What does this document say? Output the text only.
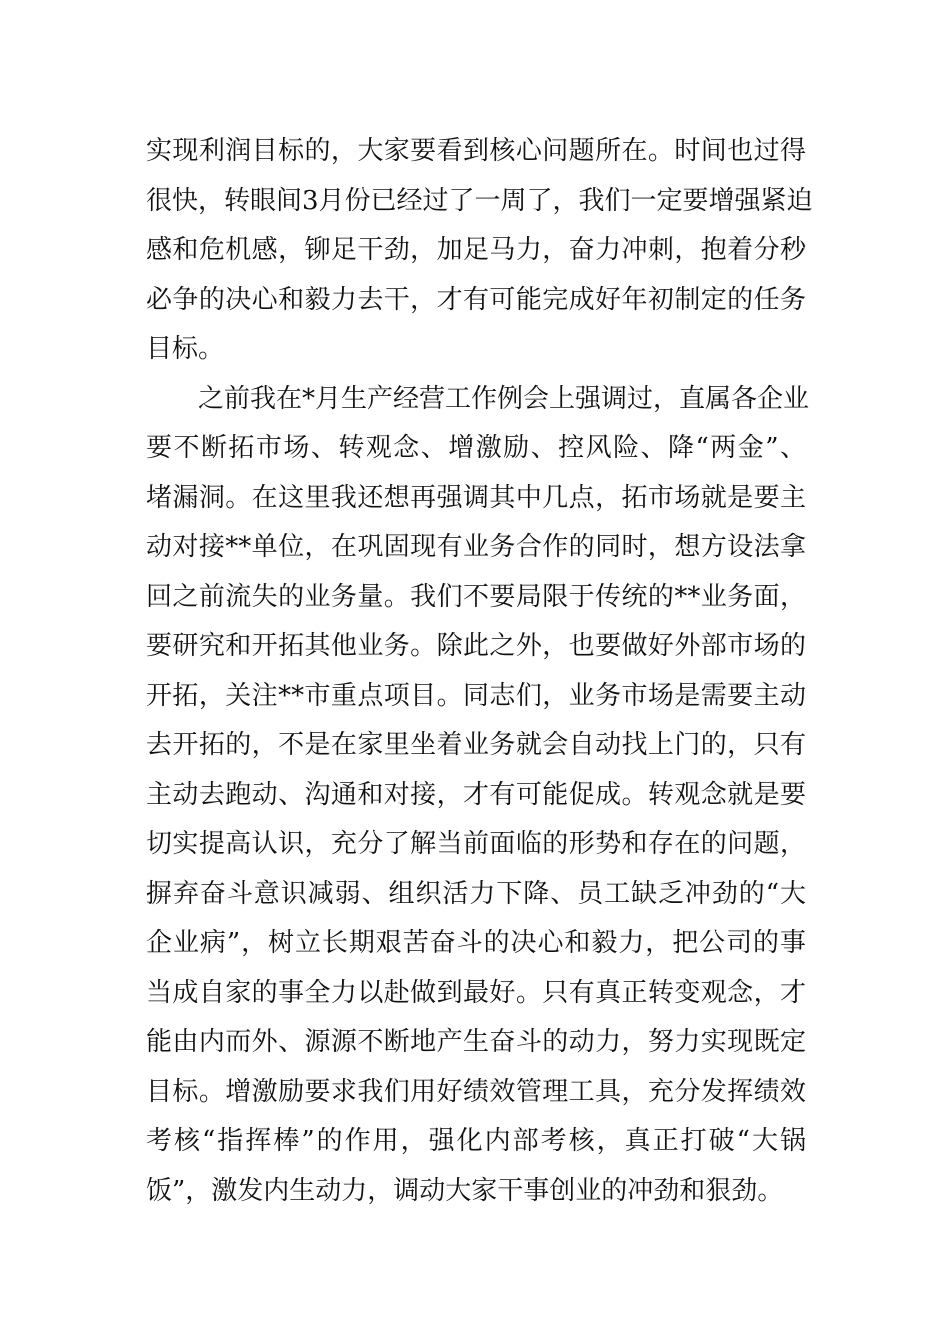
实现利润目标的，大家要看到核心问题所在。时间也过得
很快，转眼间3月份已经过了一周了，我们一定要增强紧迫
感和危机感，铆足干劲，加足马力，奋力冲刺，抱着分秒
必争的决心和毅力去干，才有可能完成好年初制定的任务
目标。
之前我在*月生产经营工作例会上强调过，直属各企业
要不断拓市场、转观念、增激励、控风险、降“两金”、
堵漏洞。在这里我还想再强调其中几点，拓市场就是要主
动对接**单位，在巩固现有业务合作的同时，想方设法拿
回之前流失的业务量。我们不要局限于传统的**业务面，
要研究和开拓其他业务。除此之外，也要做好外部市场的
开拓，关注**市重点项目。同志们，业务市场是需要主动
去开拓的，不是在家里坐着业务就会自动找上门的，只有
主动去跑动、沟通和对接，才有可能促成。转观念就是要
切实提高认识，充分了解当前面临的形势和存在的问题，
摒弃奋斗意识减弱、组织活力下降、员工缺乏冲劲的“大
企业病”，树立长期艰苦奋斗的决心和毅力，把公司的事
当成自家的事全力以赴做到最好。只有真正转变观念，才
能由内而外、源源不断地产生奋斗的动力，努力实现既定
目标。增激励要求我们用好绩效管理工具，充分发挥绩效
考核“指挥棒”的作用，强化内部考核，真正打破“大锅
饭”，激发内生动力，调动大家干事创业的冲劲和狠劲。
